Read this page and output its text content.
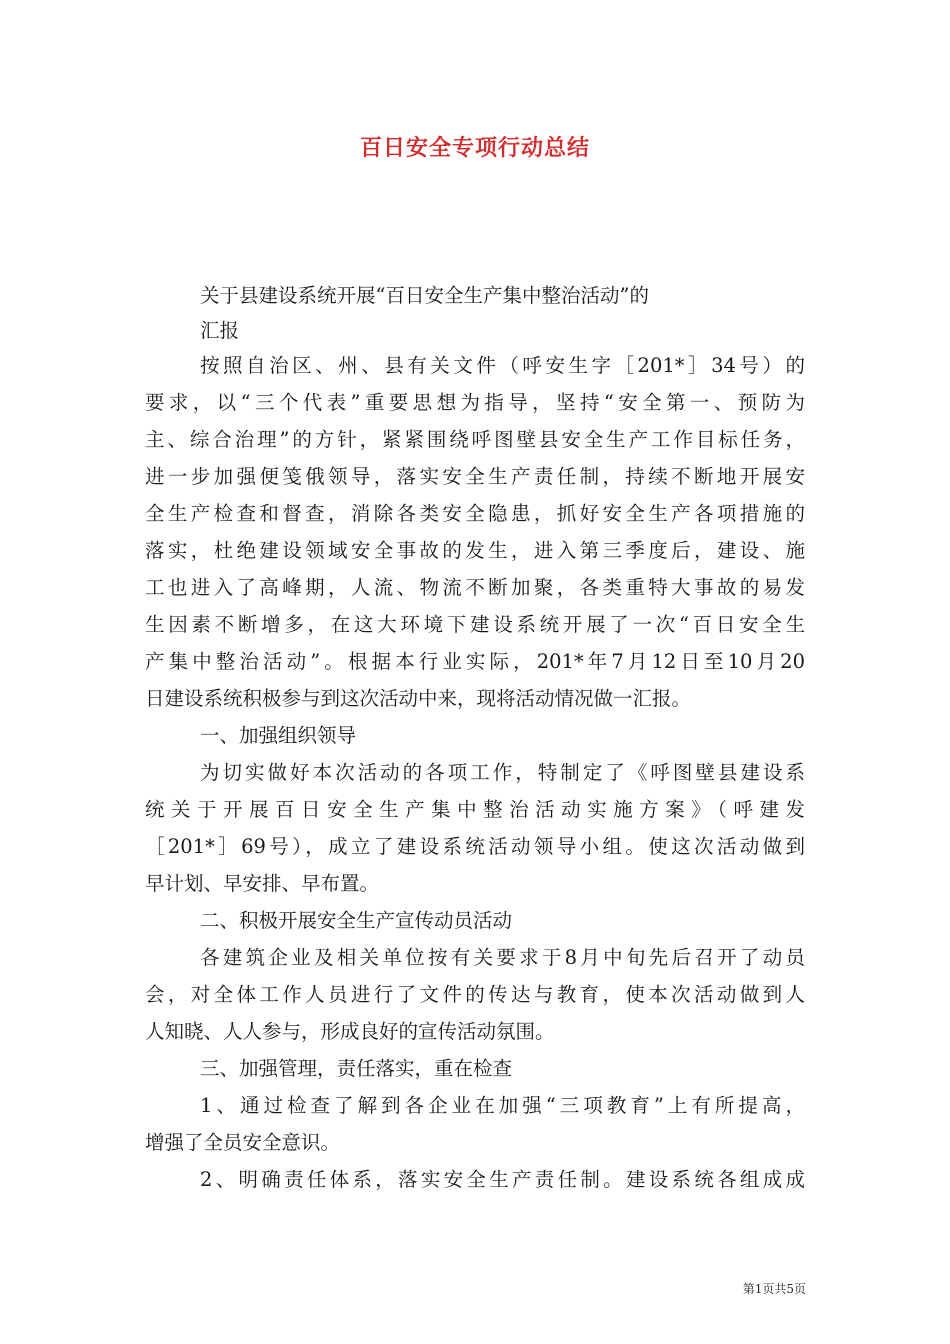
百日安全专项行动总结
关于县建设系统开展“百日安全生产集中整治活动”的
汇报
按照自治区、州、县有关文件（呼安生字［201*］34号）的
要求，以“三个代表”重要思想为指导，坚持“安全第一、预防为
主、综合治理”的方针，紧紧围绕呼图壁县安全生产工作目标任务，
进一步加强便笺俄领导，落实安全生产责任制，持续不断地开展安
全生产检查和督查，消除各类安全隐患，抓好安全生产各项措施的
落实，杜绝建设领域安全事故的发生，进入第三季度后，建设、施
工也进入了高峰期，人流、物流不断加聚，各类重特大事故的易发
生因素不断增多，在这大环境下建设系统开展了一次“百日安全生
产集中整治活动”。根据本行业实际，201*年7月12日至10月20
日建设系统积极参与到这次活动中来，现将活动情况做一汇报。
一、加强组织领导
为切实做好本次活动的各项工作，特制定了《呼图壁县建设系
统关于开展百日安全生产集中整治活动实施方案》（呼建发
［201*］69号），成立了建设系统活动领导小组。使这次活动做到
早计划、早安排、早布置。
二、积极开展安全生产宣传动员活动
各建筑企业及相关单位按有关要求于8月中旬先后召开了动员
会，对全体工作人员进行了文件的传达与教育，使本次活动做到人
人知晓、人人参与，形成良好的宣传活动氛围。
三、加强管理，责任落实，重在检查
1、通过检查了解到各企业在加强“三项教育”上有所提高，
增强了全员安全意识。
2、明确责任体系，落实安全生产责任制。建设系统各组成成
第1页共5页
